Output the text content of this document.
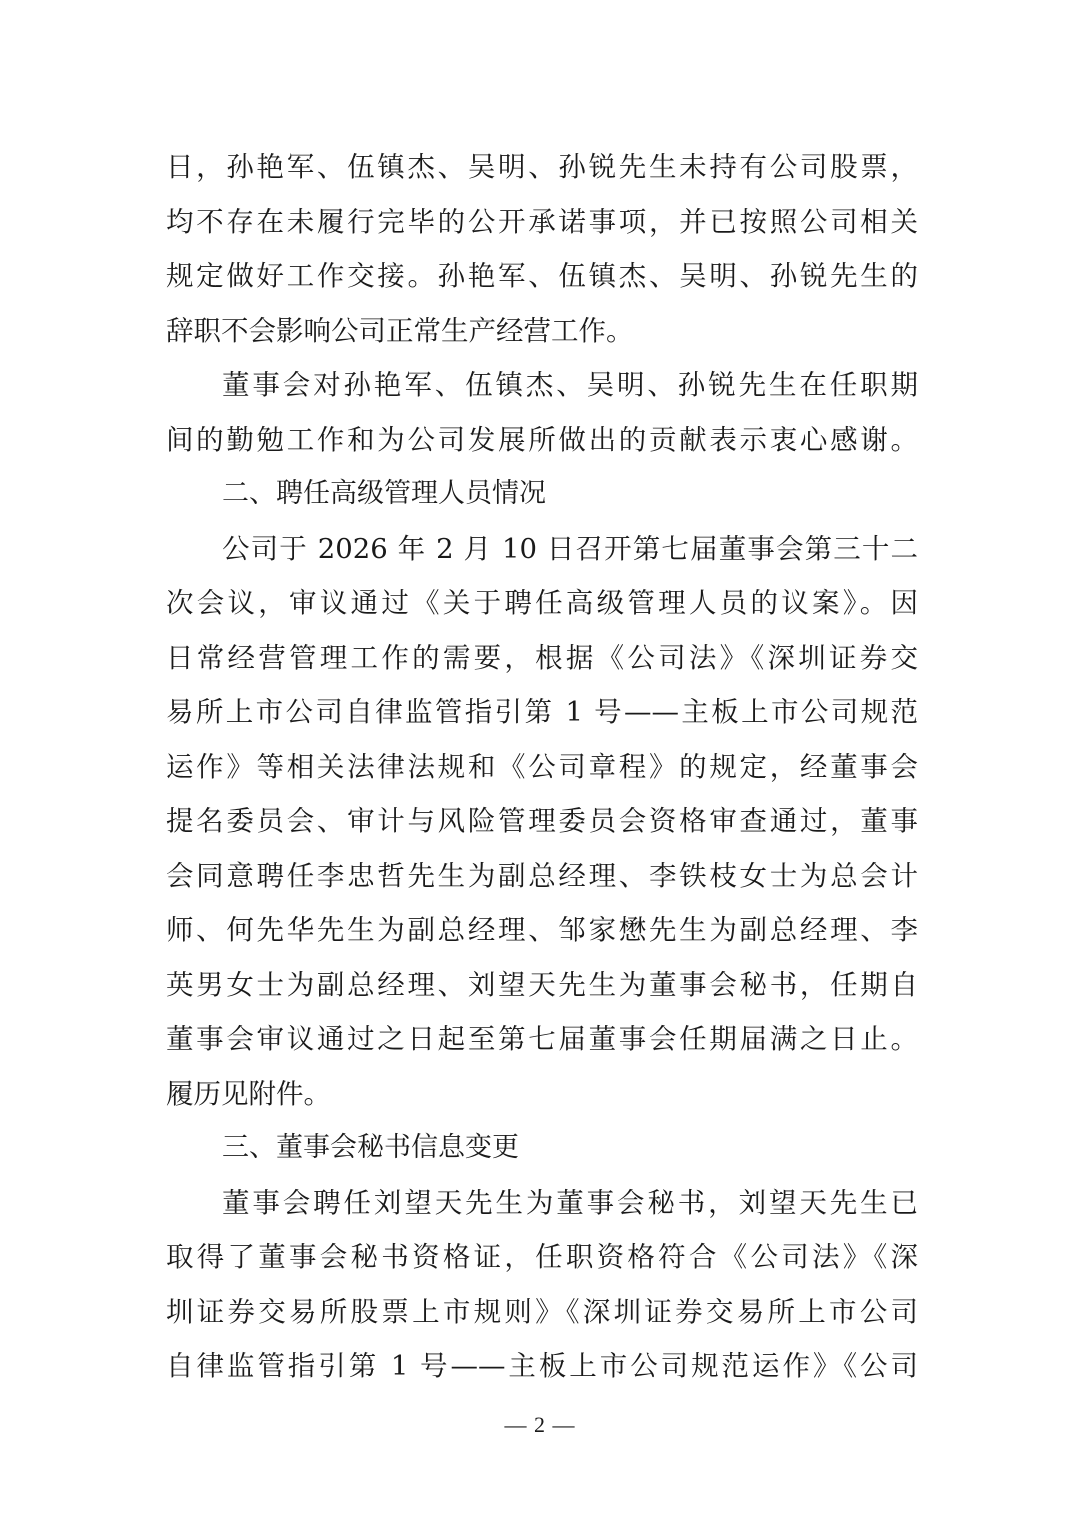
日，孙艳军、伍镇杰、吴明、孙锐先生未持有公司股票，
均不存在未履行完毕的公开承诺事项，并已按照公司相关
规定做好工作交接。孙艳军、伍镇杰、吴明、孙锐先生的
辞职不会影响公司正常生产经营工作。
董事会对孙艳军、伍镇杰、吴明、孙锐先生在任职期
间的勤勉工作和为公司发展所做出的贡献表示衷心感谢。
二、聘任高级管理人员情况
公司于 2026 年 2 月 10 日召开第七届董事会第三十二
次会议，审议通过《关于聘任高级管理人员的议案》。因
日常经营管理工作的需要，根据《公司法》《深圳证券交
易所上市公司自律监管指引第 1 号——主板上市公司规范
运作》等相关法律法规和《公司章程》的规定，经董事会
提名委员会、审计与风险管理委员会资格审查通过，董事
会同意聘任李忠哲先生为副总经理、李铁枝女士为总会计
师、何先华先生为副总经理、邹家懋先生为副总经理、李
英男女士为副总经理、刘望天先生为董事会秘书，任期自
董事会审议通过之日起至第七届董事会任期届满之日止。
履历见附件。
三、董事会秘书信息变更
董事会聘任刘望天先生为董事会秘书，刘望天先生已
取得了董事会秘书资格证，任职资格符合《公司法》《深
圳证券交易所股票上市规则》《深圳证券交易所上市公司
自律监管指引第 1 号——主板上市公司规范运作》《公司
— 2 —
